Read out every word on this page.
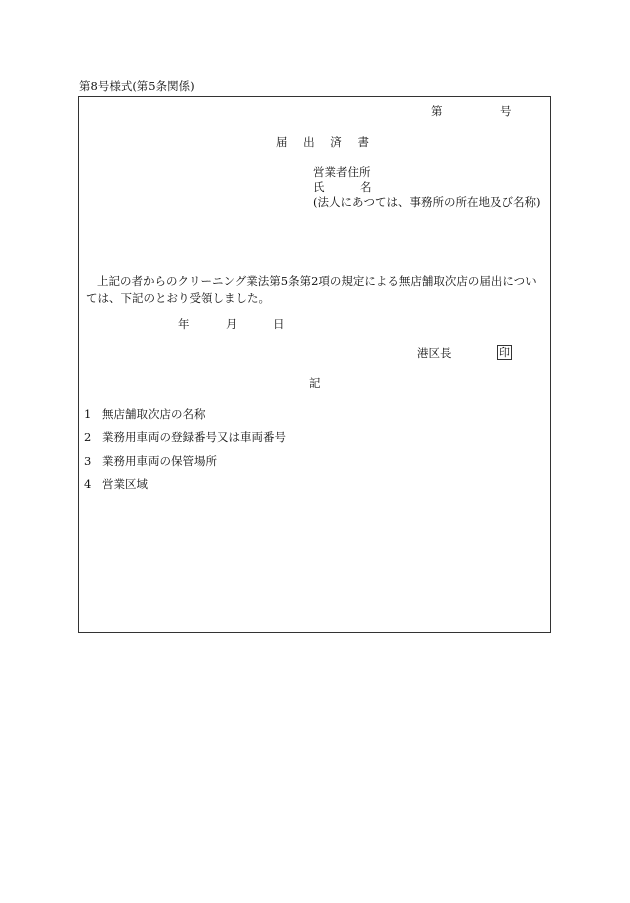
第8号様式(第5条関係)
第	号
届 出 済 書
営業者住所
氏	名
(法人にあつては、事務所の所在地及び名称)
上記の者からのクリーニング業法第5条第2項の規定による無店舗取次店の届出については、下記のとおり受領しました。
年	月	日
港区長	印
記
1 無店舗取次店の名称
2 業務用車両の登録番号又は車両番号
3 業務用車両の保管場所
4 営業区域
